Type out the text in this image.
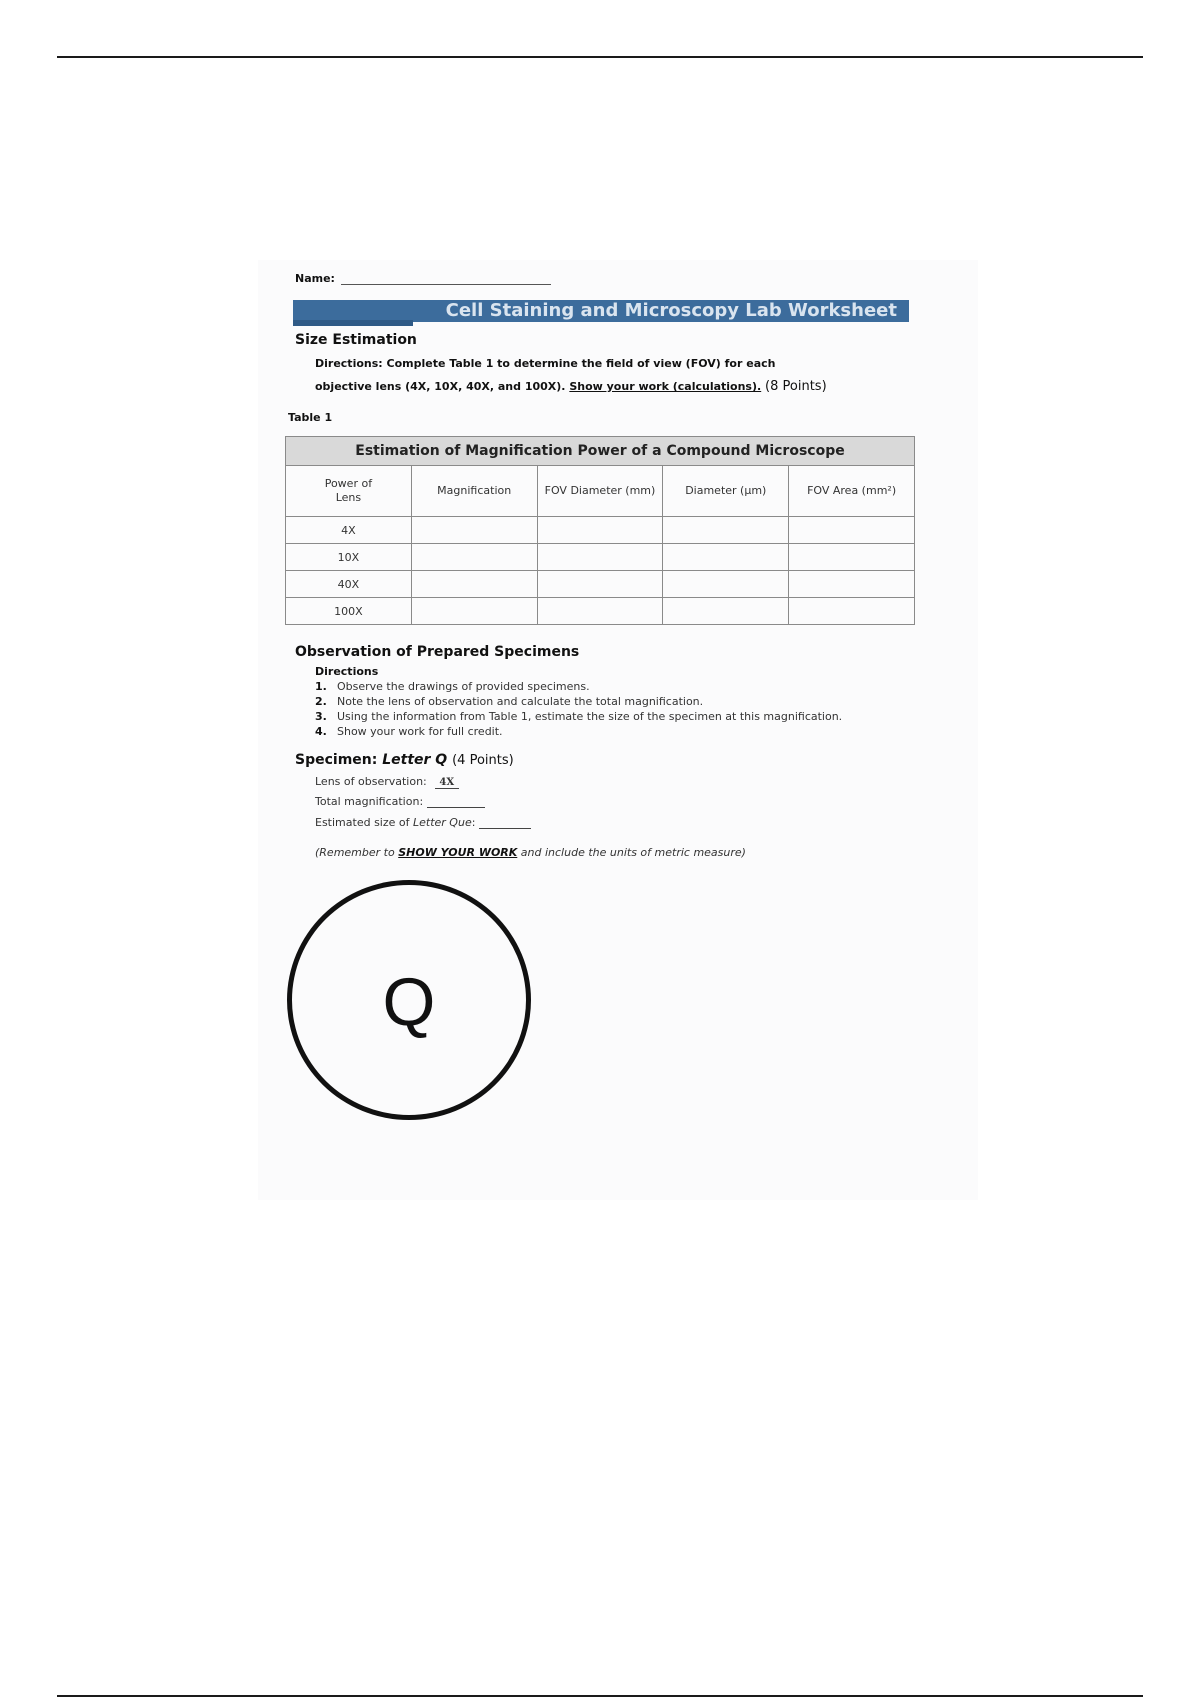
Name:
Cell Staining and Microscopy Lab Worksheet
Size Estimation
Directions: Complete Table 1 to determine the field of view (FOV) for each
objective lens (4X, 10X, 40X, and 100X). Show your work (calculations). (8 Points)
Table 1
Estimation of Magnification Power of a Compound Microscope				

Power of Lens	Magnification	FOV Diameter (mm)	Diameter (µm)	FOV Area (mm²)
4X				
10X				
40X				
100X				
Observation of Prepared Specimens
Directions
1. Observe the drawings of provided specimens.
2. Note the lens of observation and calculate the total magnification.
3. Using the information from Table 1, estimate the size of the specimen at this magnification.
4. Show your work for full credit.
Specimen: Letter Q (4 Points)
Lens of observation: 4X
Total magnification:
Estimated size of Letter Que:
(Remember to SHOW YOUR WORK and include the units of metric measure)
Q
